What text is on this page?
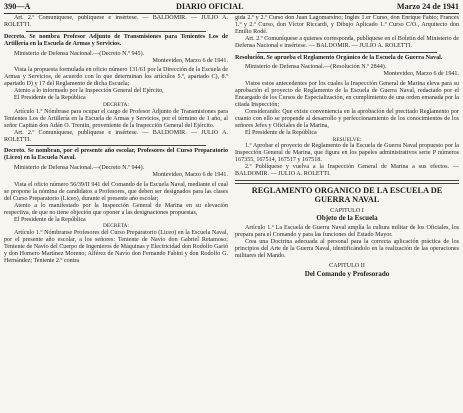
390—A	DIARIO OFICIAL	Marzo 24 de 1941

Art. 2.º Comuníquese, publíquese e insértese. — BALDOMIR. — JULIO A. ROLETTI.

Decreto. Se nombra Profesor Adjunto de Transmisiones para Tenientes Los de Artillería en la Escuela de Armas y Servicios.

Ministerio de Defensa Nacional.—(Decreto N.º 945).

Montevideo, Marzo 6 de 1941.

Vista la propuesta formulada en oficio número 131/61 por la Dirección de la Escuela de Armas y Servicios, de acuerdo con lo que determinan los artículos 5.º, apartado C), 8.º apartado D) y 17 del Reglamento de dicha Escuela;

Atento a lo informado por la Inspección General del Ejército,

El Presidente de la República

DECRETA:

Artículo 1.º Nómbrase para ocupar el cargo de Profesor Adjunto de Transmisiones para Tenientes Los de Artillería en la Escuela de Armas y Servicios, por el término de 1 año, al señor Capitán don Adán O. Trentin, proveniente de la Inspección General del Ejército.

Art. 2.º Comuníquese, publíquese e insértese. — BALDOMIR. — JULIO A. ROLETTI.

Decreto. Se nombran, por el presente año escolar, Profesores del Curso Preparatorio (Liceo) en la Escuela Naval.

Ministerio de Defensa Nacional.—(Decreto N.º 944).

Montevideo, Marzo 6 de 1941.

Vista el oficio número 56/39/II 941 del Comando de la Escuela Naval, mediante el cual se propone la nómina de candidatos a Profesores, que deben ser designados para las clases del Curso Preparatorio (Liceo), durante el presente año escolar;

Atento a lo manifestado por la Inspección General de Marina en su elevación respectiva, de que no tiene objeción que oponer a las designaciones propuestas,

El Presidente de la República

DECRETA:

Artículo 1.º Nómbranse Profesores del Curso Preparatorio (Liceo) en la Escuela Naval, por el presente año escolar, a los señores: Teniente de Navío don Gabriel Retamoso; Teniente de Navío del Cuerpo de Ingenieros de Máquinas y Electricidad don Rodolfo Garió y don Homero Martínez Moreno; Alférez de Navío don Fernando Fabini y don Rodolfo G. Hernández; Teniente 2.º contra

gida 2.º y 2.º Curso don Juan Lagomarsino; Inglés 1.er Curso, don Enrique Fabio; Francés 1.º y 2.º Curso, don Víctor Riccardi, y Dibujo Aplicado 1.º Curso C/O., Arquitecto don Emilio Rodé.

Art. 2.º Comuníquese a quienes corresponda, publíquese en el Boletín del Ministerio de Defensa Nacional e insértese. — BALDOMIR. — JULIO A. ROLETTI.

Resolución. Se aprueba el Reglamento Orgánico de la Escuela de Guerra Naval.

Ministerio de Defensa Nacional.—(Resolución N.º 2844).

Montevideo, Marzo 6 de 1941.

Vistos estos antecedentes por los cuales la Inspección General de Marina eleva para su aprobación el proyecto de Reglamento de la Escuela de Guerra Naval, redactado por el Encargado de los Cursos de Especialización, en cumplimiento de una orden emanada por la citada Inspección;

Considerando: Que existe conveniencia en la aprobación del precitado Reglamento por cuanto con ello se propende al desarrollo y perfeccionamiento de los conocimientos de los señores Jefes y Oficiales de la Marina,

El Presidente de la República

RESUELVE:

1.º Aprobar el proyecto de Reglamento de la Escuela de Guerra Naval propuesto por la Inspección General de Marina, que figura en los papeles administrativos serie P números 167355, 167514, 167517 y 167518.

2.º Publíquese y vuelva a la Inspección General de Marina a sus efectos. — BALDOMIR. — JULIO A. ROLETTI.

REGLAMENTO ORGANICO DE LA ESCUELA DE GUERRA NAVAL

CAPITULO I

Objeto de la Escuela

Artículo 1.º La Escuela de Guerra Naval amplía la cultura militar de los Oficiales, los prepara para el Comando y para las funciones del Estado Mayor.

Crea una Doctrina adecuada al personal para la correcta aplicación práctica de los principios del Arte de la Guerra Naval, identificándolo en la realización de las operaciones militares del Mando.

CAPITULO II

Del Comando y Profesorado
